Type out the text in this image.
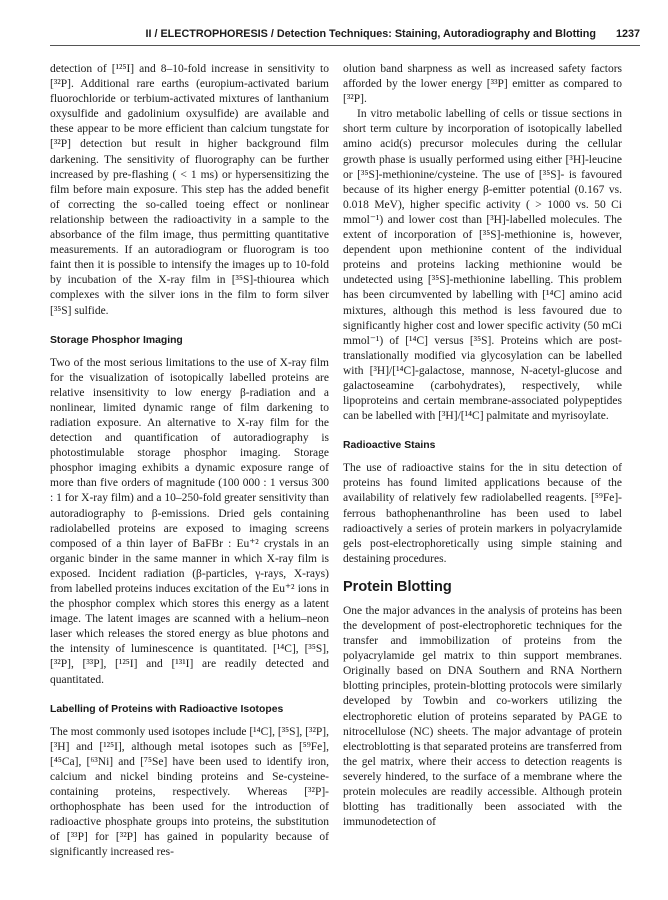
II / ELECTROPHORESIS / Detection Techniques: Staining, Autoradiography and Blotting 1237

detection of [¹²⁵I] and 8–10-fold increase in sensitivity to [³²P]. Additional rare earths (europium-activated barium fluorochloride or terbium-activated mixtures of lanthanium oxysulfide and gadolinium oxysulfide) are available and these appear to be more efficient than calcium tungstate for [³²P] detection but result in higher background film darkening. The sensitivity of fluorography can be further increased by pre-flashing ( < 1 ms) or hypersensitizing the film before main exposure. This step has the added benefit of correcting the so-called toeing effect or nonlinear relationship between the radioactivity in a sample to the absorbance of the film image, thus permitting quantitative measurements. If an autoradiogram or fluorogram is too faint then it is possible to intensify the images up to 10-fold by incubation of the X-ray film in [³⁵S]-thiourea which complexes with the silver ions in the film to form silver [³⁵S] sulfide.

Storage Phosphor Imaging

Two of the most serious limitations to the use of X-ray film for the visualization of isotopically labelled proteins are relative insensitivity to low energy β-radiation and a nonlinear, limited dynamic range of film darkening to radiation exposure. An alternative to X-ray film for the detection and quantification of autoradiography is photostimulable storage phosphor imaging. Storage phosphor imaging exhibits a dynamic exposure range of more than five orders of magnitude (100 000 : 1 versus 300 : 1 for X-ray film) and a 10–250-fold greater sensitivity than autoradiography to β-emissions. Dried gels containing radiolabelled proteins are exposed to imaging screens composed of a thin layer of BaFBr : Eu⁺² crystals in an organic binder in the same manner in which X-ray film is exposed. Incident radiation (β-particles, γ-rays, X-rays) from labelled proteins induces excitation of the Eu⁺² ions in the phosphor complex which stores this energy as a latent image. The latent images are scanned with a helium–neon laser which releases the stored energy as blue photons and the intensity of luminescence is quantitated. [¹⁴C], [³⁵S], [³²P], [³³P], [¹²⁵I] and [¹³¹I] are readily detected and quantitated.

Labelling of Proteins with Radioactive Isotopes

The most commonly used isotopes include [¹⁴C], [³⁵S], [³²P], [³H] and [¹²⁵I], although metal isotopes such as [⁵⁹Fe], [⁴⁵Ca], [⁶³Ni] and [⁷⁵Se] have been used to identify iron, calcium and nickel binding proteins and Se-cysteine-containing proteins, respectively. Whereas [³²P]-orthophosphate has been used for the introduction of radioactive phosphate groups into proteins, the substitution of [³³P] for [³²P] has gained in popularity because of significantly increased res-

olution band sharpness as well as increased safety factors afforded by the lower energy [³³P] emitter as compared to [³²P].

In vitro metabolic labelling of cells or tissue sections in short term culture by incorporation of isotopically labelled amino acid(s) precursor molecules during the cellular growth phase is usually performed using either [³H]-leucine or [³⁵S]-methionine/cysteine. The use of [³⁵S]- is favoured because of its higher energy β-emitter potential (0.167 vs. 0.018 MeV), higher specific activity ( > 1000 vs. 50 Ci mmol⁻¹) and lower cost than [³H]-labelled molecules. The extent of incorporation of [³⁵S]-methionine is, however, dependent upon methionine content of the individual proteins and proteins lacking methionine would be undetected using [³⁵S]-methionine labelling. This problem has been circumvented by labelling with [¹⁴C] amino acid mixtures, although this method is less favoured due to significantly higher cost and lower specific activity (50 mCi mmol⁻¹) of [¹⁴C] versus [³⁵S]. Proteins which are post-translationally modified via glycosylation can be labelled with [³H]/[¹⁴C]-galactose, mannose, N-acetyl-glucose and galactoseamine (carbohydrates), respectively, while lipoproteins and certain membrane-associated polypeptides can be labelled with [³H]/[¹⁴C] palmitate and myrisoylate.

Radioactive Stains

The use of radioactive stains for the in situ detection of proteins has found limited applications because of the availability of relatively few radiolabelled reagents. [⁵⁹Fe]-ferrous bathophenanthroline has been used to label radioactively a series of protein markers in polyacrylamide gels post-electrophoretically using simple staining and destaining procedures.

Protein Blotting

One the major advances in the analysis of proteins has been the development of post-electrophoretic techniques for the transfer and immobilization of proteins from the polyacrylamide gel matrix to thin support membranes. Originally based on DNA Southern and RNA Northern blotting principles, protein-blotting protocols were similarly developed by Towbin and co-workers utilizing the electrophoretic elution of proteins separated by PAGE to nitrocellulose (NC) sheets. The major advantage of protein electroblotting is that separated proteins are transferred from the gel matrix, where their access to detection reagents is severely hindered, to the surface of a membrane where the protein molecules are readily accessible. Although protein blotting has traditionally been associated with the immunodetection of
